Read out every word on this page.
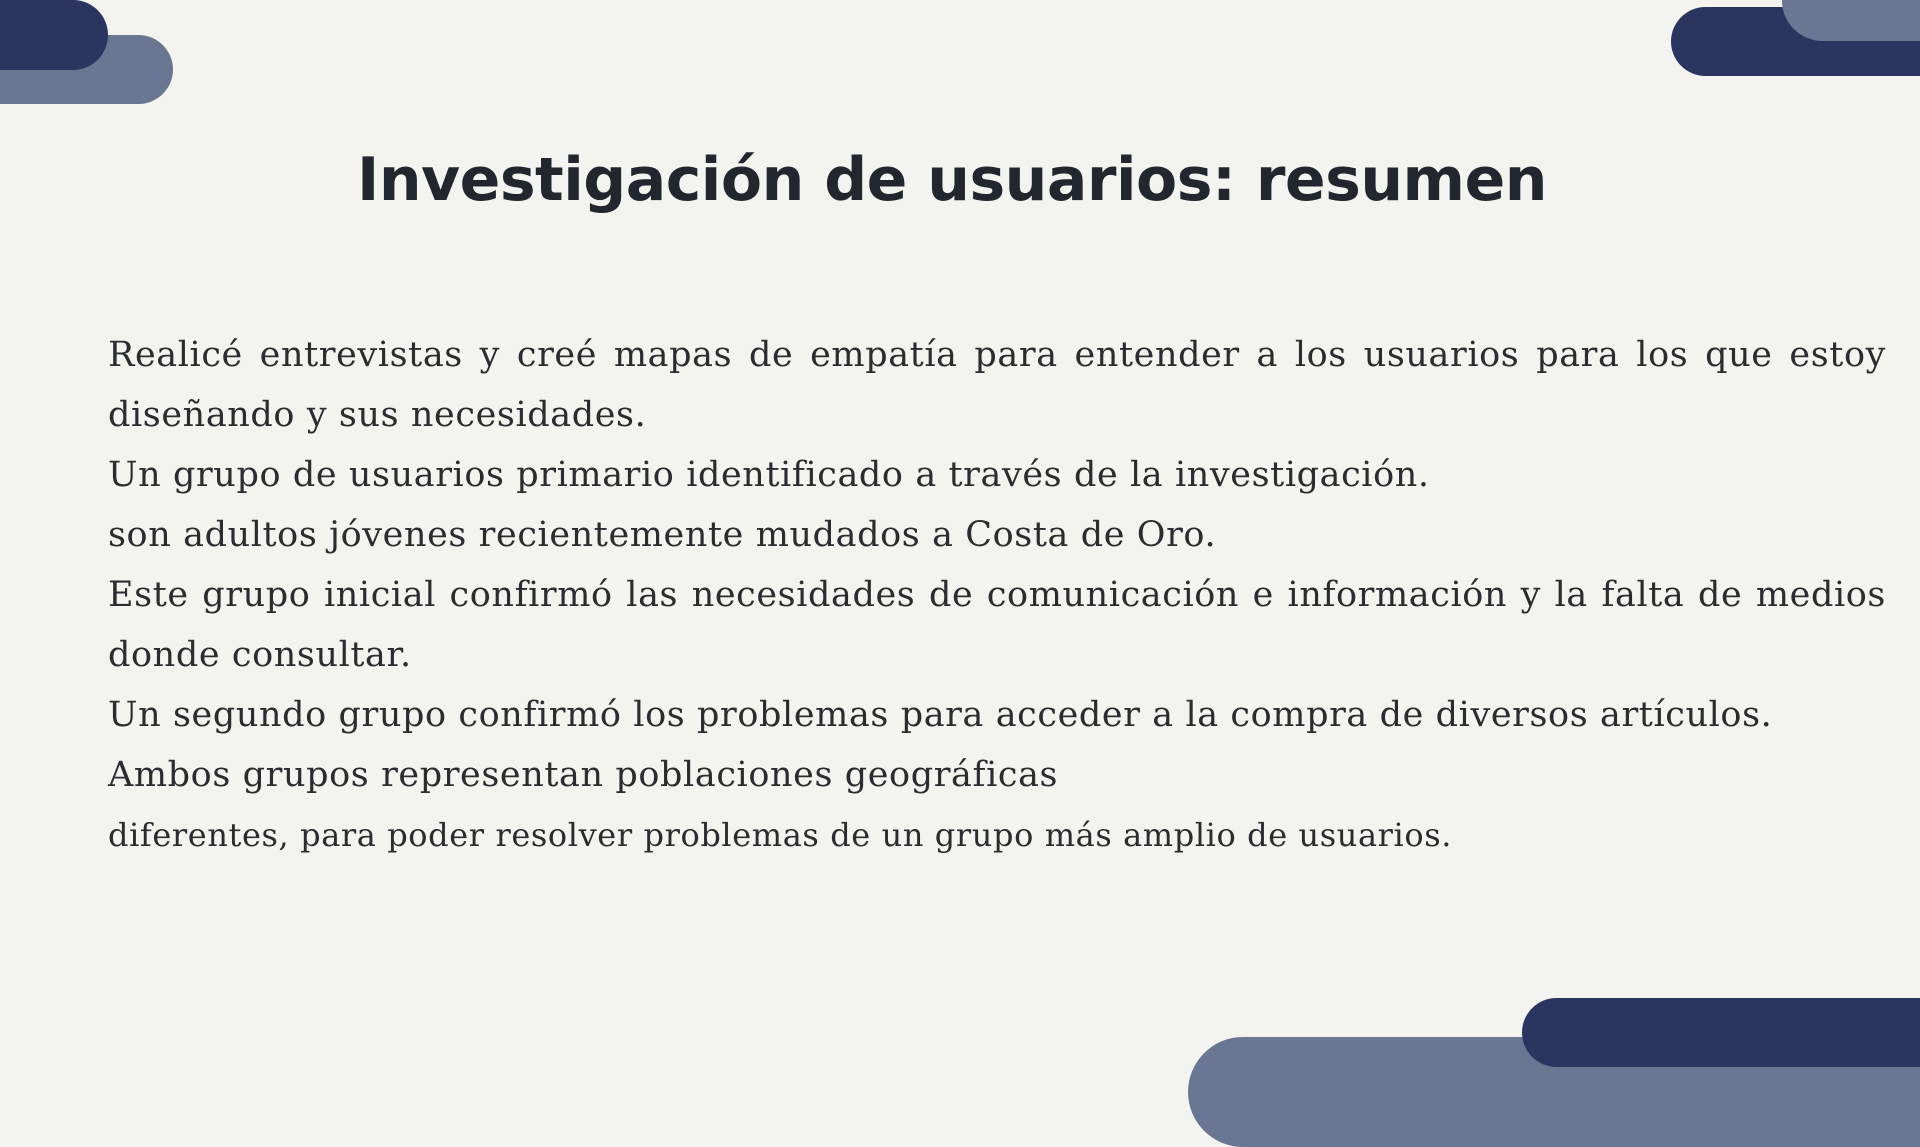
Investigación de usuarios: resumen

Realicé entrevistas y creé mapas de empatía para entender a los usuarios para los que estoy diseñando y sus necesidades.

Un grupo de usuarios primario identificado a través de la investigación.

son adultos jóvenes recientemente mudados a Costa de Oro.

Este grupo inicial confirmó las necesidades de comunicación e información y la falta de medios donde consultar.

Un segundo grupo confirmó los problemas para acceder a la compra de diversos artículos.

Ambos grupos representan poblaciones geográficas

diferentes, para poder resolver problemas de un grupo más amplio de usuarios.
